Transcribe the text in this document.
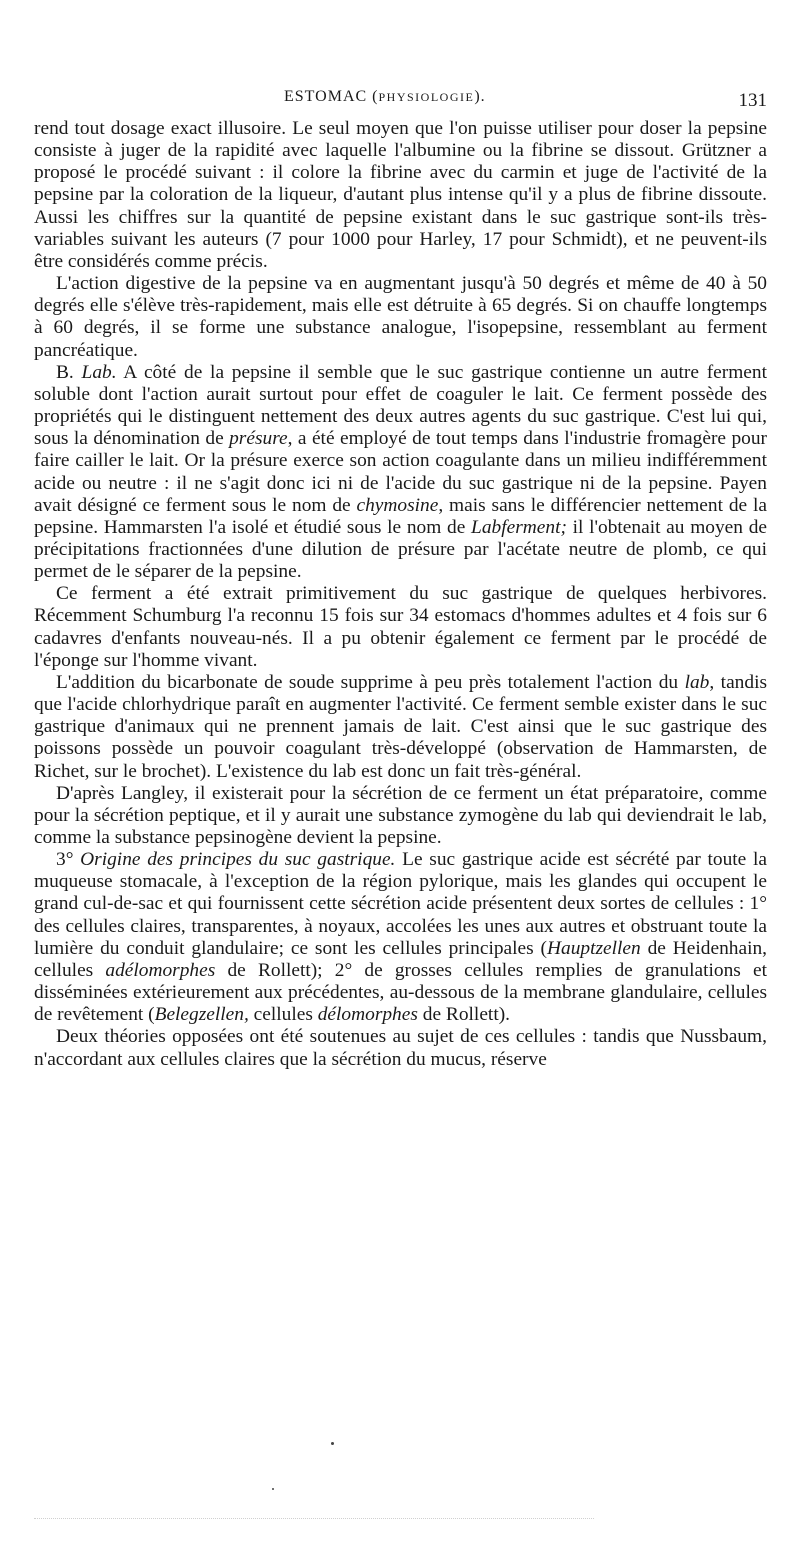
ESTOMAC (PHYSIOLOGIE).	131

rend tout dosage exact illusoire. Le seul moyen que l'on puisse utiliser pour doser la pepsine consiste à juger de la rapidité avec laquelle l'albumine ou la fibrine se dissout. Grützner a proposé le procédé suivant : il colore la fibrine avec du carmin et juge de l'activité de la pepsine par la coloration de la liqueur, d'autant plus intense qu'il y a plus de fibrine dissoute. Aussi les chiffres sur la quantité de pepsine existant dans le suc gastrique sont-ils très-variables suivant les auteurs (7 pour 1000 pour Harley, 17 pour Schmidt), et ne peuvent-ils être considérés comme précis.

L'action digestive de la pepsine va en augmentant jusqu'à 50 degrés et même de 40 à 50 degrés elle s'élève très-rapidement, mais elle est détruite à 65 degrés. Si on chauffe longtemps à 60 degrés, il se forme une substance analogue, l'isopepsine, ressemblant au ferment pancréatique.

B. Lab. A côté de la pepsine il semble que le suc gastrique contienne un autre ferment soluble dont l'action aurait surtout pour effet de coaguler le lait. Ce ferment possède des propriétés qui le distinguent nettement des deux autres agents du suc gastrique. C'est lui qui, sous la dénomination de présure, a été employé de tout temps dans l'industrie fromagère pour faire cailler le lait. Or la présure exerce son action coagulante dans un milieu indifféremment acide ou neutre : il ne s'agit donc ici ni de l'acide du suc gastrique ni de la pepsine. Payen avait désigné ce ferment sous le nom de chymosine, mais sans le différencier nettement de la pepsine. Hammarsten l'a isolé et étudié sous le nom de Labferment; il l'obtenait au moyen de précipitations fractionnées d'une dilution de présure par l'acétate neutre de plomb, ce qui permet de le séparer de la pepsine.

Ce ferment a été extrait primitivement du suc gastrique de quelques herbivores. Récemment Schumburg l'a reconnu 15 fois sur 34 estomacs d'hommes adultes et 4 fois sur 6 cadavres d'enfants nouveau-nés. Il a pu obtenir également ce ferment par le procédé de l'éponge sur l'homme vivant.

L'addition du bicarbonate de soude supprime à peu près totalement l'action du lab, tandis que l'acide chlorhydrique paraît en augmenter l'activité. Ce ferment semble exister dans le suc gastrique d'animaux qui ne prennent jamais de lait. C'est ainsi que le suc gastrique des poissons possède un pouvoir coagulant très-développé (observation de Hammarsten, de Richet, sur le brochet). L'existence du lab est donc un fait très-général.

D'après Langley, il existerait pour la sécrétion de ce ferment un état préparatoire, comme pour la sécrétion peptique, et il y aurait une substance zymogène du lab qui deviendrait le lab, comme la substance pepsinogène devient la pepsine.

3° Origine des principes du suc gastrique. Le suc gastrique acide est sécrété par toute la muqueuse stomacale, à l'exception de la région pylorique, mais les glandes qui occupent le grand cul-de-sac et qui fournissent cette sécrétion acide présentent deux sortes de cellules : 1° des cellules claires, transparentes, à noyaux, accolées les unes aux autres et obstruant toute la lumière du conduit glandulaire; ce sont les cellules principales (Hauptzellen de Heidenhain, cellules adélomorphes de Rollett); 2° de grosses cellules remplies de granulations et disséminées extérieurement aux précédentes, au-dessous de la membrane glandulaire, cellules de revêtement (Belegzellen, cellules délomorphes de Rollett).

Deux théories opposées ont été soutenues au sujet de ces cellules : tandis que Nussbaum, n'accordant aux cellules claires que la sécrétion du mucus, réserve
